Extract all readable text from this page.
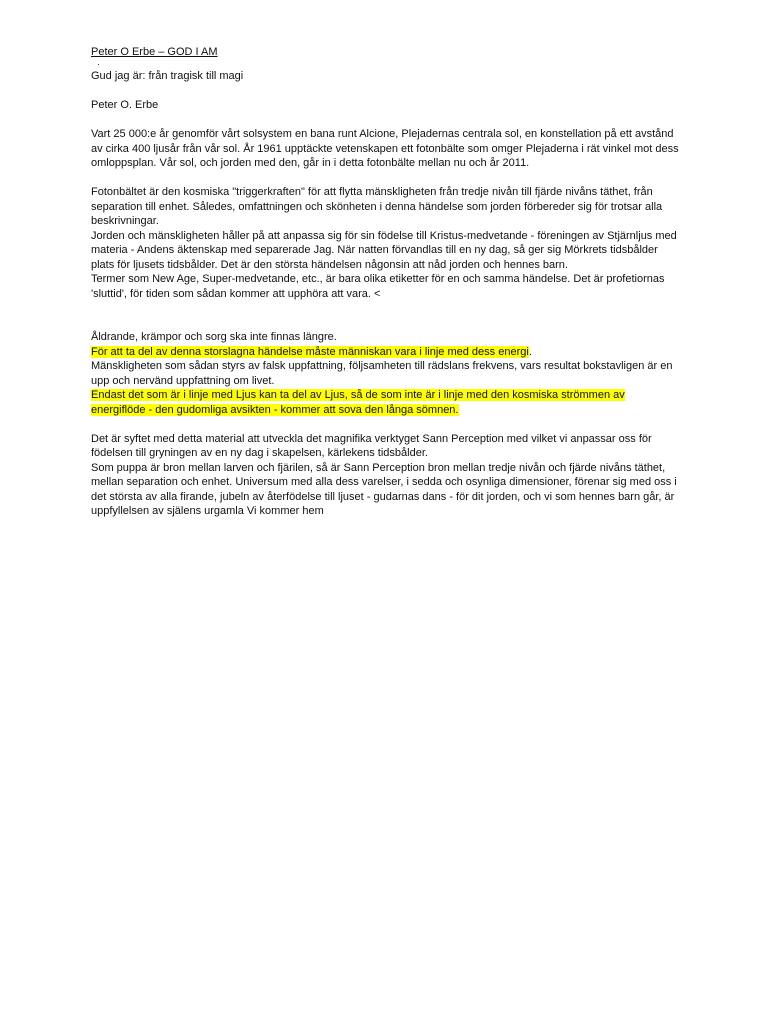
Peter O Erbe – GOD I AM

·

Gud jag är: från tragisk till magi

Peter O. Erbe

Vart 25 000:e år genomför vårt solsystem en bana runt Alcione, Plejadernas centrala sol, en konstellation på ett avstånd av cirka 400 ljusår från vår sol. År 1961 upptäckte vetenskapen ett fotonbälte som omger Plejaderna i rät vinkel mot dess omloppsplan. Vår sol, och jorden med den, går in i detta fotonbälte mellan nu och år 2011.

Fotonbältet är den kosmiska "triggerkraften" för att flytta mänskligheten från tredje nivån till fjärde nivåns täthet, från separation till enhet. Således, omfattningen och skönheten i denna händelse som jorden förbereder sig för trotsar alla beskrivningar.

Jorden och mänskligheten håller på att anpassa sig för sin födelse till Kristus-medvetande - föreningen av Stjärnljus med materia - Andens äktenskap med separerade Jag. När natten förvandlas till en ny dag, så ger sig Mörkrets tidsbålder plats för ljusets tidsbålder. Det är den största händelsen någonsin att nåd jorden och hennes barn.

Termer som New Age, Super-medvetande, etc., är bara olika etiketter för en och samma händelse. Det är profetiornas 'sluttid', för tiden som sådan kommer att upphöra att vara. <

Åldrande, krämpor och sorg ska inte finnas längre.

För att ta del av denna storslagna händelse måste människan vara i linje med dess energi.

Mänskligheten som sådan styrs av falsk uppfattning, följsamheten till rädslans frekvens, vars resultat bokstavligen är en upp och nervänd uppfattning om livet.

Endast det som är i linje med Ljus kan ta del av Ljus, så de som inte är i linje med den kosmiska strömmen av energiflöde - den gudomliga avsikten - kommer att sova den långa sömnen.

Det är syftet med detta material att utveckla det magnifika verktyget Sann Perception med vilket vi anpassar oss för födelsen till gryningen av en ny dag i skapelsen, kärlekens tidsbålder.

Som puppa är bron mellan larven och fjärilen, så är Sann Perception bron mellan tredje nivån och fjärde nivåns täthet, mellan separation och enhet. Universum med alla dess varelser, i sedda och osynliga dimensioner, förenar sig med oss i det största av alla firande, jubeln av återfödelse till ljuset - gudarnas dans - för dit jorden, och vi som hennes barn går, är uppfyllelsen av själens urgamla Vi kommer hem
